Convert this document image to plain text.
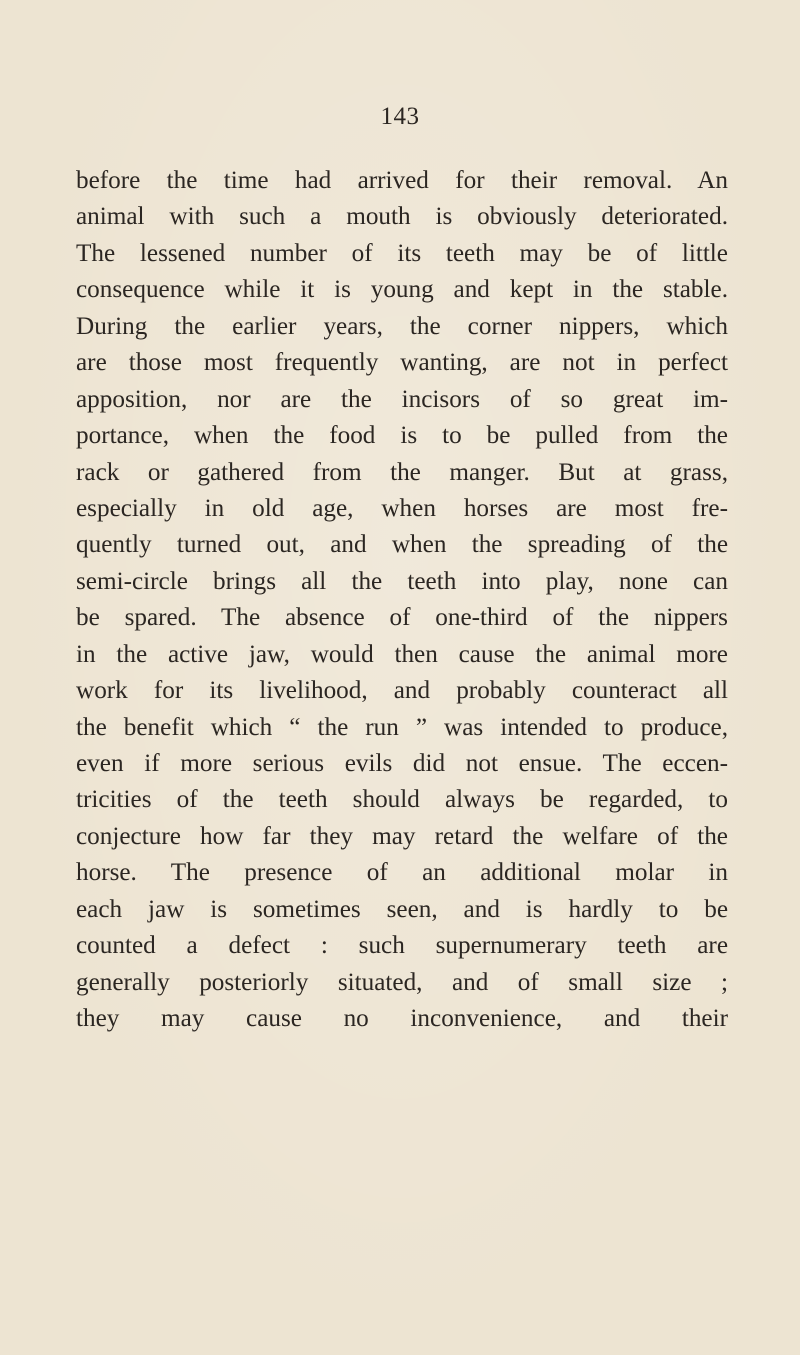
143
before the time had arrived for their removal. An
animal with such a mouth is obviously deteriorated.
The lessened number of its teeth may be of little
consequence while it is young and kept in the stable.
During the earlier years, the corner nippers, which
are those most frequently wanting, are not in perfect
apposition, nor are the incisors of so great im-
portance, when the food is to be pulled from the
rack or gathered from the manger. But at grass,
especially in old age, when horses are most fre-
quently turned out, and when the spreading of the
semi-circle brings all the teeth into play, none can
be spared. The absence of one-third of the nippers
in the active jaw, would then cause the animal more
work for its livelihood, and probably counteract all
the benefit which “ the run ” was intended to produce,
even if more serious evils did not ensue. The eccen-
tricities of the teeth should always be regarded, to
conjecture how far they may retard the welfare of the
horse. The presence of an additional molar in
each jaw is sometimes seen, and is hardly to be
counted a defect : such supernumerary teeth are
generally posteriorly situated, and of small size ;
they may cause no inconvenience, and their
